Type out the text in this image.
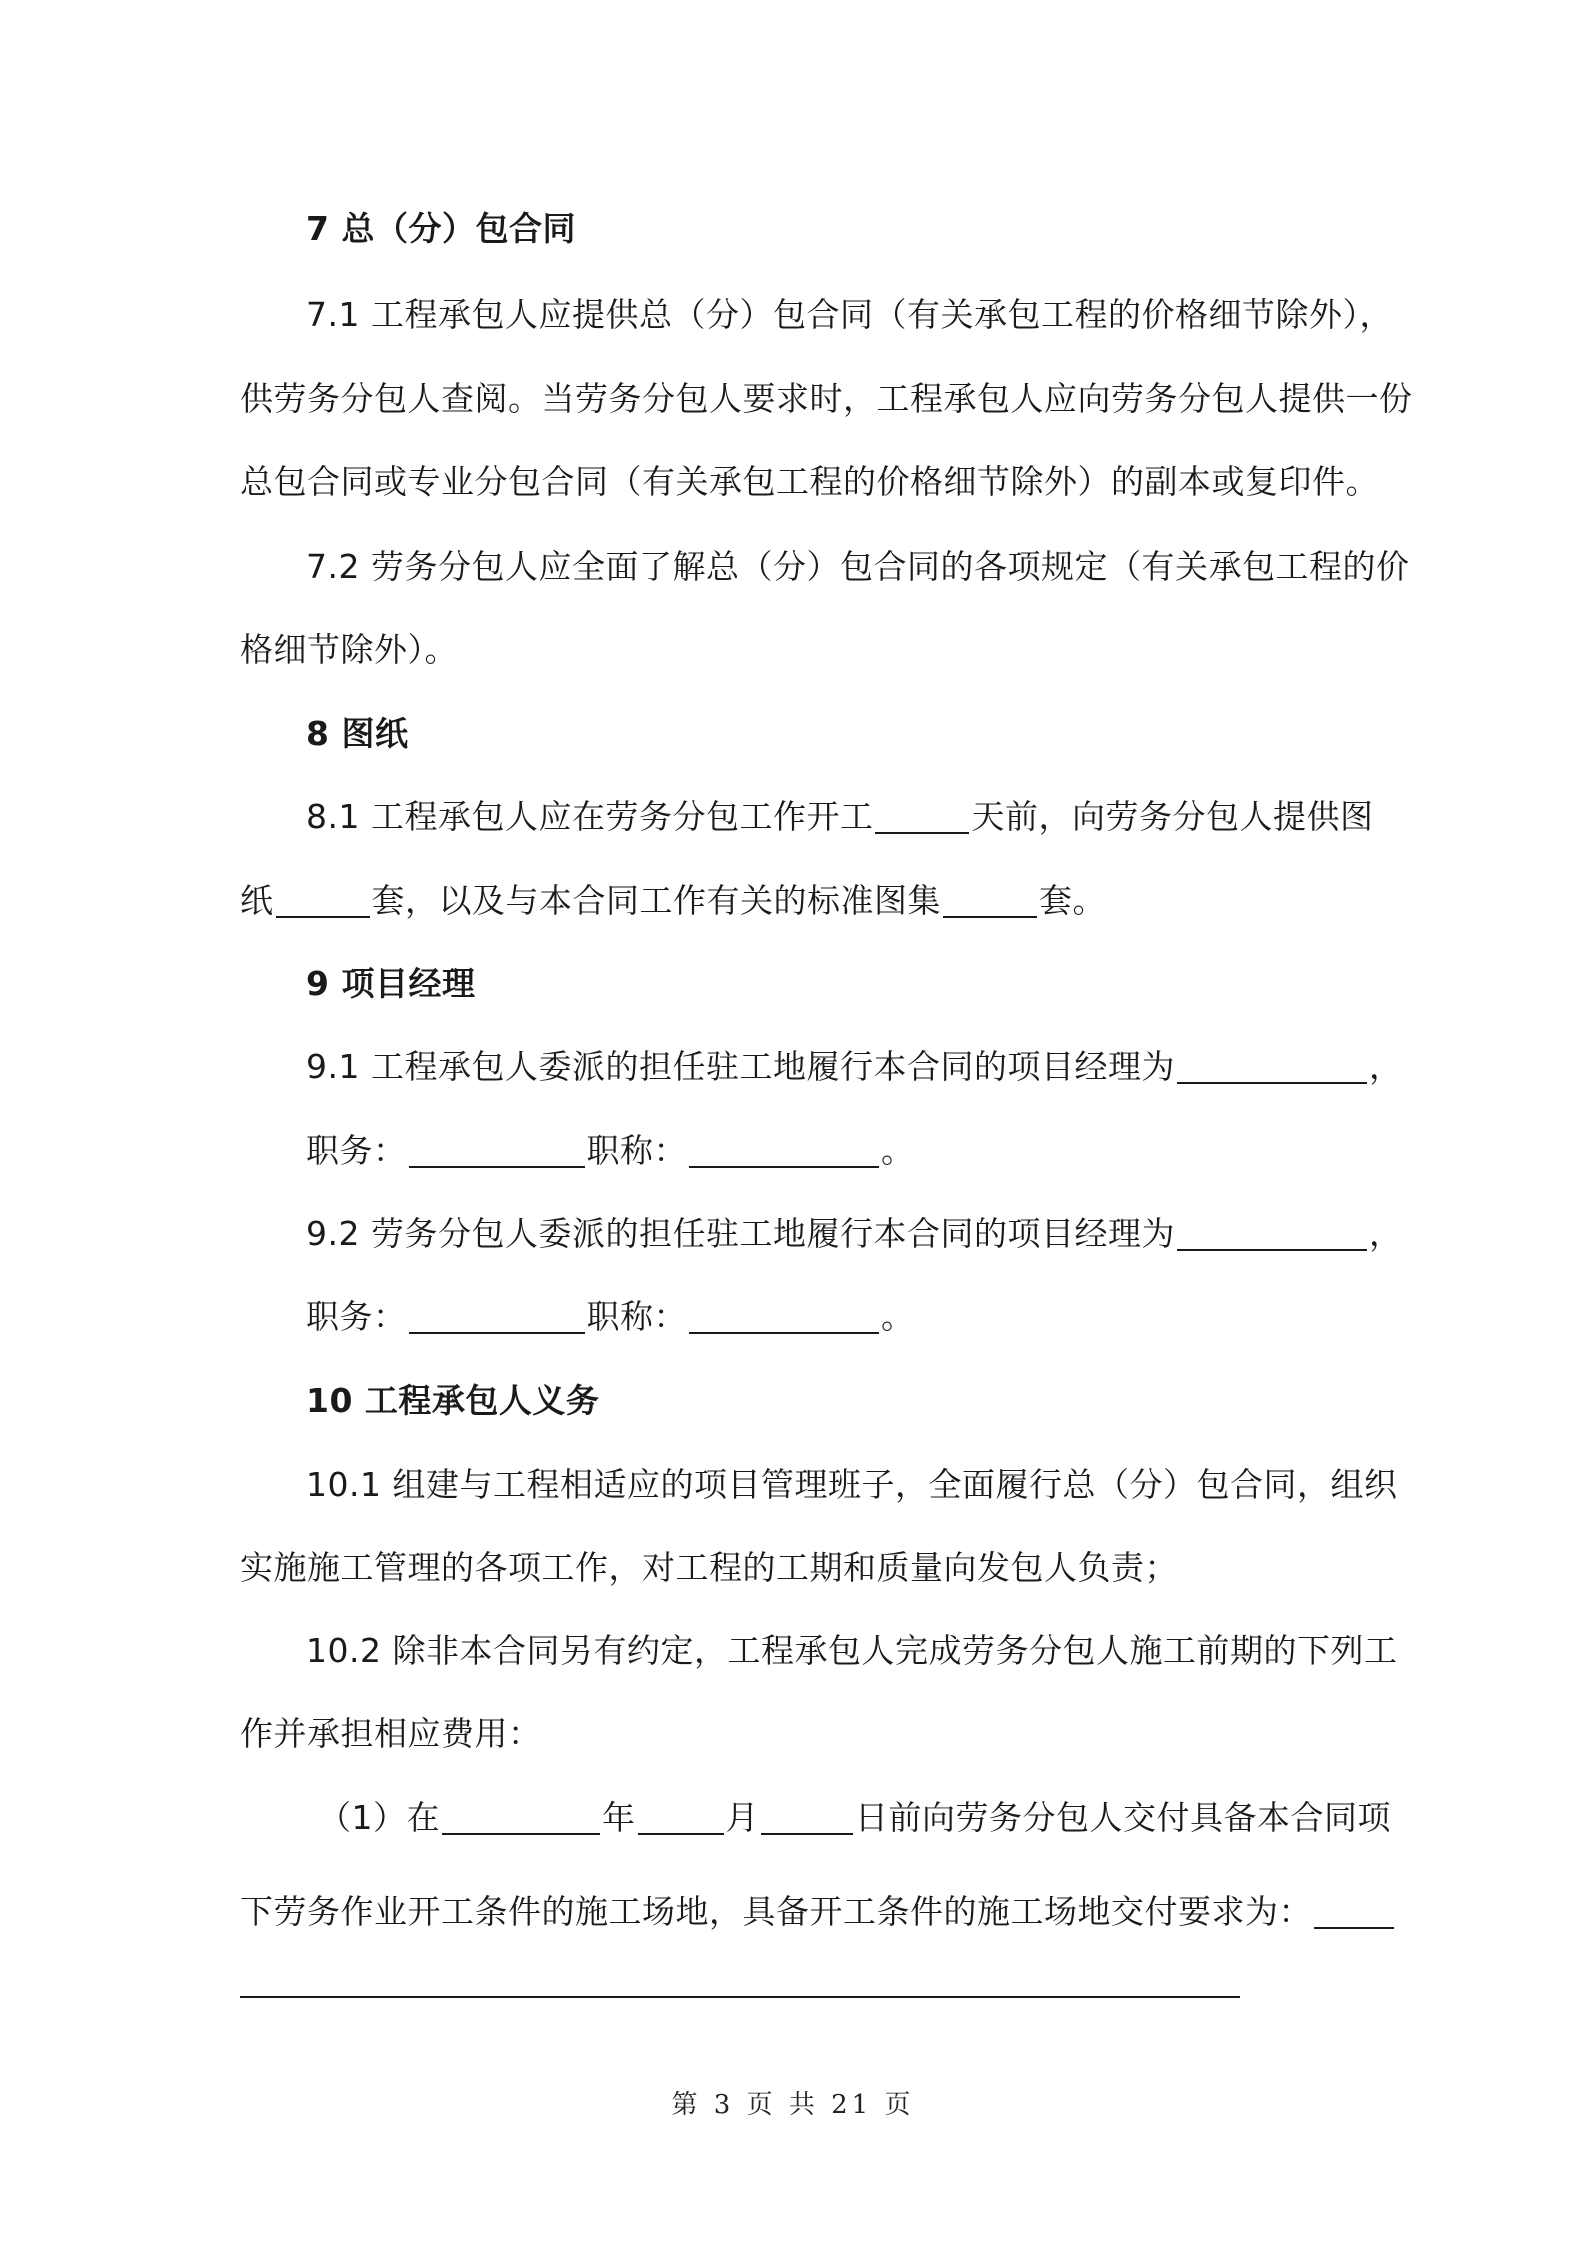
7 总（分）包合同
7.1 工程承包人应提供总（分）包合同（有关承包工程的价格细节除外），
供劳务分包人查阅。当劳务分包人要求时，工程承包人应向劳务分包人提供一份
总包合同或专业分包合同（有关承包工程的价格细节除外）的副本或复印件。
7.2 劳务分包人应全面了解总（分）包合同的各项规定（有关承包工程的价
格细节除外）。
8 图纸
8.1 工程承包人应在劳务分包工作开工	天前，向劳务分包人提供图
纸	套，以及与本合同工作有关的标准图集	套。
9 项目经理
9.1 工程承包人委派的担任驻工地履行本合同的项目经理为	，
职务：	职称：	。
9.2 劳务分包人委派的担任驻工地履行本合同的项目经理为	，
职务：	职称：	。
10 工程承包人义务
10.1 组建与工程相适应的项目管理班子，全面履行总（分）包合同，组织
实施施工管理的各项工作，对工程的工期和质量向发包人负责；
10.2 除非本合同另有约定，工程承包人完成劳务分包人施工前期的下列工
作并承担相应费用：
（1）在	年	月	日前向劳务分包人交付具备本合同项
下劳务作业开工条件的施工场地，具备开工条件的施工场地交付要求为：
第 3 页 共 21 页
